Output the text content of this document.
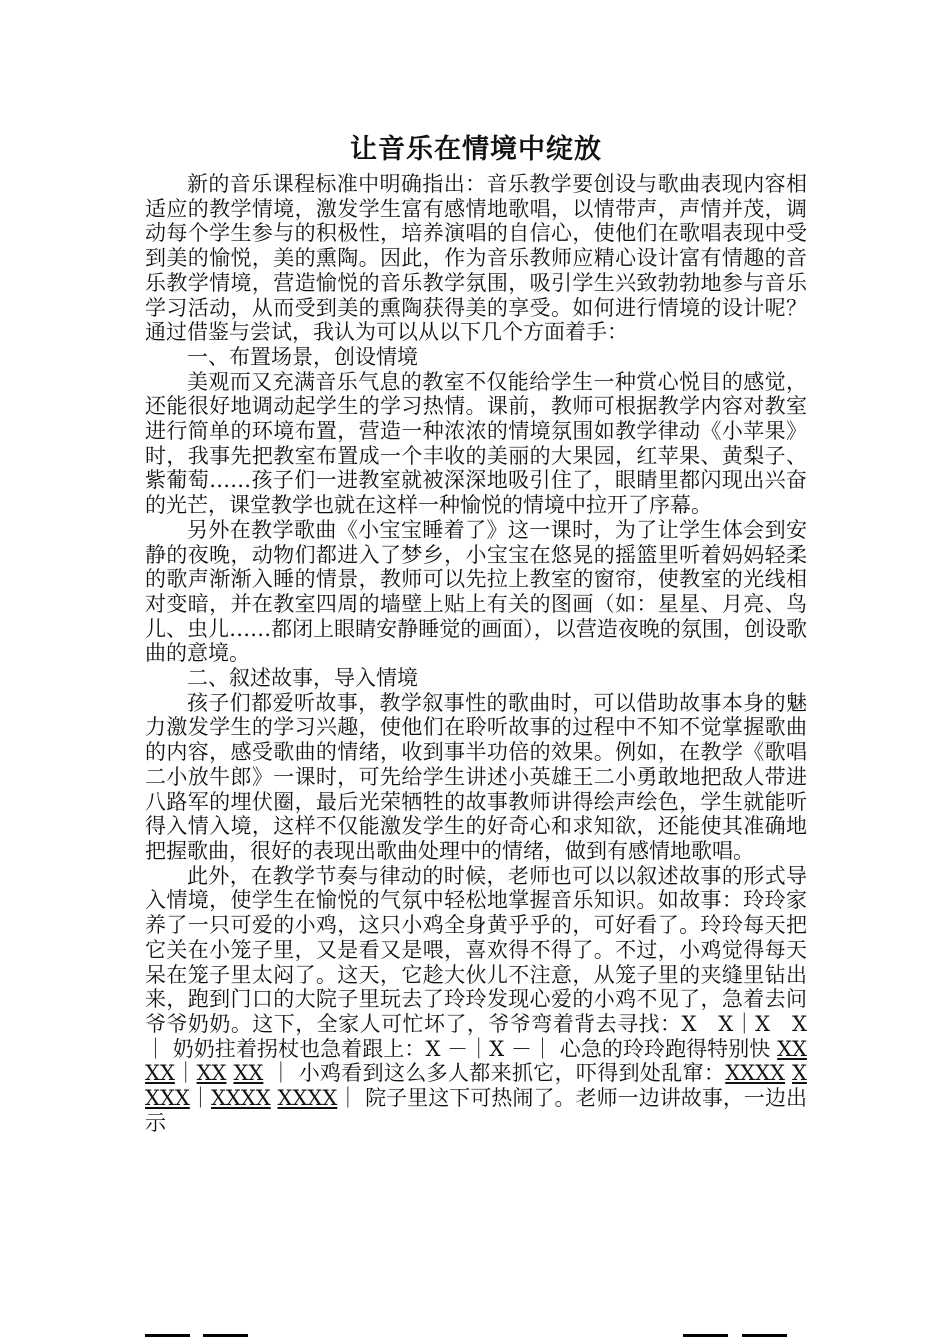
让音乐在情境中绽放

新的音乐课程标准中明确指出：音乐教学要创设与歌曲表现内容相适应的教学情境，激发学生富有感情地歌唱，以情带声，声情并茂，调动每个学生参与的积极性，培养演唱的自信心，使他们在歌唱表现中受到美的愉悦，美的熏陶。因此，作为音乐教师应精心设计富有情趣的音乐教学情境，营造愉悦的音乐教学氛围，吸引学生兴致勃勃地参与音乐学习活动，从而受到美的熏陶获得美的享受。如何进行情境的设计呢？通过借鉴与尝试，我认为可以从以下几个方面着手：

一、布置场景，创设情境

美观而又充满音乐气息的教室不仅能给学生一种赏心悦目的感觉，还能很好地调动起学生的学习热情。课前，教师可根据教学内容对教室进行简单的环境布置，营造一种浓浓的情境氛围如教学律动《小苹果》时，我事先把教室布置成一个丰收的美丽的大果园，红苹果、黄梨子、紫葡萄……孩子们一进教室就被深深地吸引住了，眼睛里都闪现出兴奋的光芒，课堂教学也就在这样一种愉悦的情境中拉开了序幕。

另外在教学歌曲《小宝宝睡着了》这一课时，为了让学生体会到安静的夜晚，动物们都进入了梦乡，小宝宝在悠晃的摇篮里听着妈妈轻柔的歌声渐渐入睡的情景，教师可以先拉上教室的窗帘，使教室的光线相对变暗，并在教室四周的墙壁上贴上有关的图画（如：星星、月亮、鸟儿、虫儿……都闭上眼睛安静睡觉的画面），以营造夜晚的氛围，创设歌曲的意境。

二、叙述故事，导入情境

孩子们都爱听故事，教学叙事性的歌曲时，可以借助故事本身的魅力激发学生的学习兴趣，使他们在聆听故事的过程中不知不觉掌握歌曲的内容，感受歌曲的情绪，收到事半功倍的效果。例如，在教学《歌唱二小放牛郎》一课时，可先给学生讲述小英雄王二小勇敢地把敌人带进八路军的埋伏圈，最后光荣牺牲的故事教师讲得绘声绘色，学生就能听得入情入境，这样不仅能激发学生的好奇心和求知欲，还能使其准确地把握歌曲，很好的表现出歌曲处理中的情绪，做到有感情地歌唱。

此外，在教学节奏与律动的时候，老师也可以以叙述故事的形式导入情境，使学生在愉悦的气氛中轻松地掌握音乐知识。如故事：玲玲家养了一只可爱的小鸡，这只小鸡全身黄乎乎的，可好看了。玲玲每天把它关在小笼子里，又是看又是喂，喜欢得不得了。不过，小鸡觉得每天呆在笼子里太闷了。这天，它趁大伙儿不注意，从笼子里的夹缝里钻出来，跑到门口的大院子里玩去了玲玲发现心爱的小鸡不见了，急着去问爷爷奶奶。这下，全家人可忙坏了，爷爷弯着背去寻找：X　X｜X　X｜ 奶奶拄着拐杖也急着跟上：X －｜X －｜ 心急的玲玲跑得特别快 XX XX｜XX XX ｜ 小鸡看到这么多人都来抓它，吓得到处乱窜：XXXX XXXX｜XXXX XXXX｜ 院子里这下可热闹了。老师一边讲故事，一边出示
